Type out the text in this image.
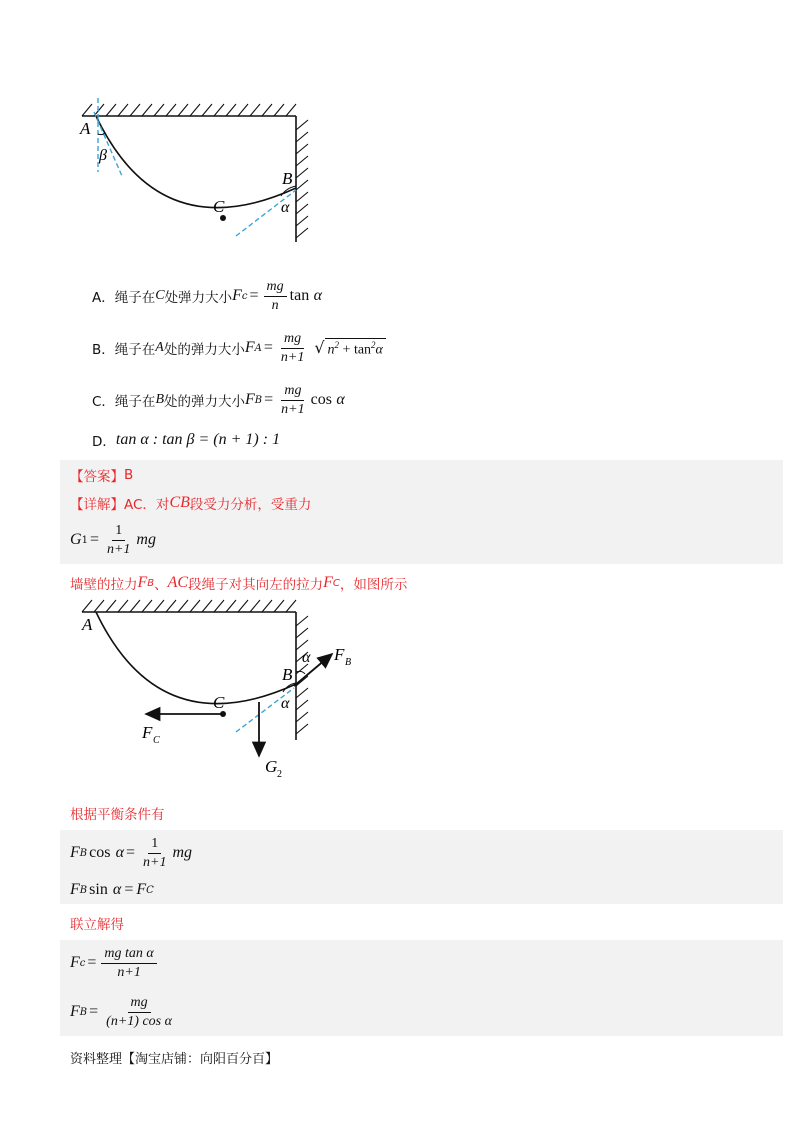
A
β
C
B
α
A．绳子在 C 处弹力大小 F $c = \frac{mg}{n}$ tan
α
B．绳子在 A 处的弹力大小 F $A = \frac{mg}{n+1}$ √ $n^2 + \tan^2\alpha$
C．绳子在 B 处的弹力大小 F $B = \frac{mg}{n+1}$ cos
α
D． tan α : tan β = (n + 1) : 1
【答案】 B
【详解】 AC．对 CB 段受力分析，受重力
G $1 = \frac{1}{n+1}$ mg
墙壁的拉力 F B 、 AC 段绳子对其向左的拉力 F C ，如图所示
A
C
B
α
α
F B
F C
G 2
根据平衡条件有
F B cos
$\alpha = \frac{1}{n+1}$ mg
F B sin
α = F C
联立解得
F $c = \frac{\text{mg tan α}}{n+1}$
F $B = \frac{mg}{\text{(n+1) cos α}}$
资料整理【淘宝店铺：向阳百分百】
